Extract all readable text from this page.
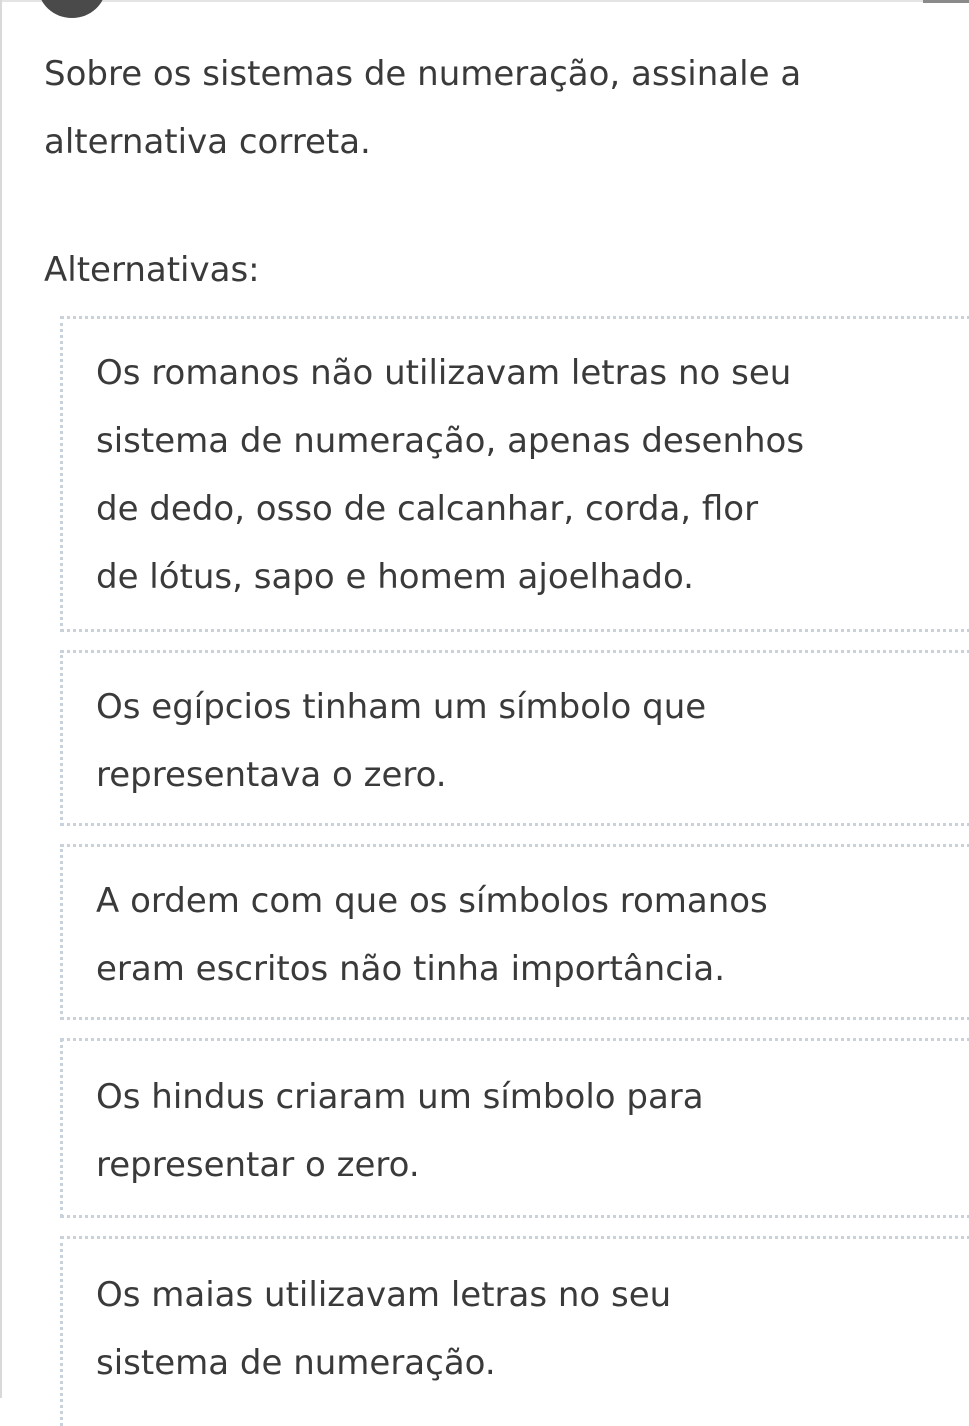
Sobre os sistemas de numeração, assinale a
alternativa correta.
Alternativas:
Os romanos não utilizavam letras no seu
sistema de numeração, apenas desenhos
de dedo, osso de calcanhar, corda, flor
de lótus, sapo e homem ajoelhado.
Os egípcios tinham um símbolo que
representava o zero.
A ordem com que os símbolos romanos
eram escritos não tinha importância.
Os hindus criaram um símbolo para
representar o zero.
Os maias utilizavam letras no seu
sistema de numeração.
